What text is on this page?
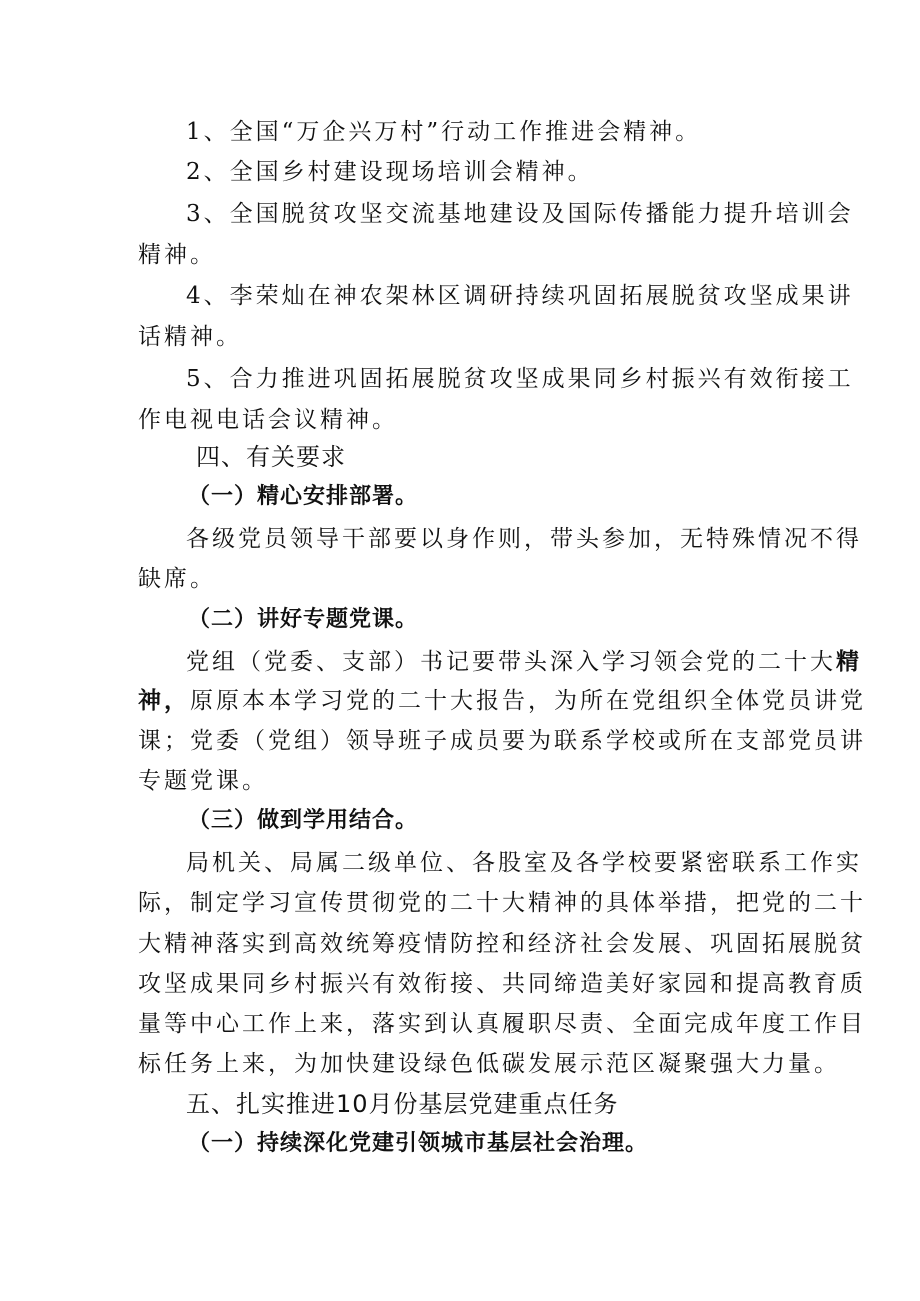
1、全国“万企兴万村”行动工作推进会精神。
2、全国乡村建设现场培训会精神。
3、全国脱贫攻坚交流基地建设及国际传播能力提升培训会
精神。
4、李荣灿在神农架林区调研持续巩固拓展脱贫攻坚成果讲
话精神。
5、合力推进巩固拓展脱贫攻坚成果同乡村振兴有效衔接工
作电视电话会议精神。
四、有关要求
（一）精心安排部署。
各级党员领导干部要以身作则，带头参加，无特殊情况不得
缺席。
（二）讲好专题党课。
党组（党委、支部）书记要带头深入学习领会党的二十大精
神，原原本本学习党的二十大报告，为所在党组织全体党员讲党
课；党委（党组）领导班子成员要为联系学校或所在支部党员讲
专题党课。
（三）做到学用结合。
局机关、局属二级单位、各股室及各学校要紧密联系工作实
际，制定学习宣传贯彻党的二十大精神的具体举措，把党的二十
大精神落实到高效统筹疫情防控和经济社会发展、巩固拓展脱贫
攻坚成果同乡村振兴有效衔接、共同缔造美好家园和提高教育质
量等中心工作上来，落实到认真履职尽责、全面完成年度工作目
标任务上来，为加快建设绿色低碳发展示范区凝聚强大力量。
五、扎实推进10月份基层党建重点任务
（一）持续深化党建引领城市基层社会治理。
